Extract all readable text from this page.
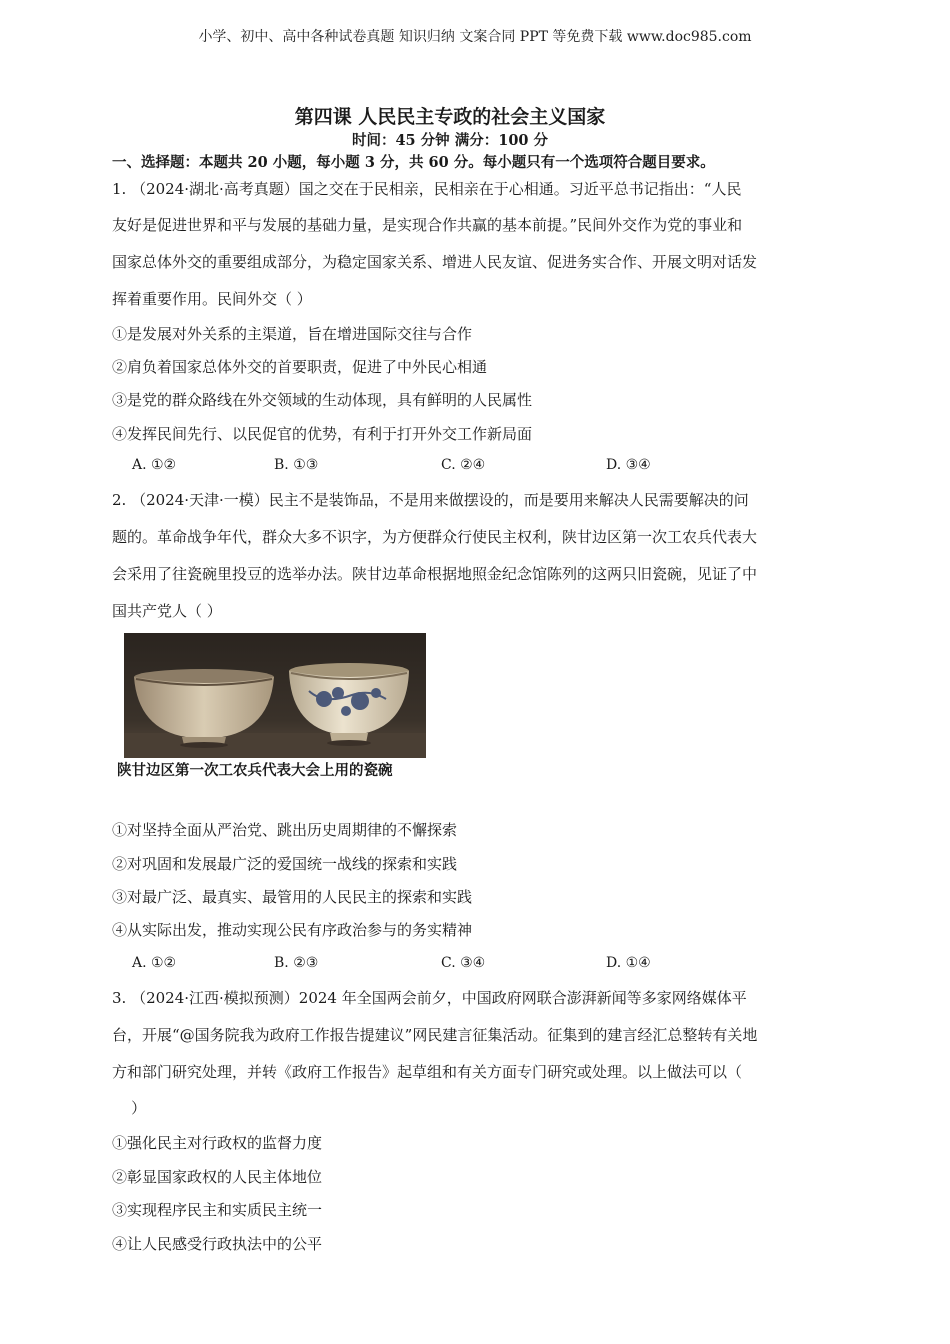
小学、初中、高中各种试卷真题 知识归纳 文案合同 PPT 等免费下载 www.doc985.com
第四课 人民民主专政的社会主义国家
时间：45 分钟 满分：100 分
一、选择题：本题共 20 小题，每小题 3 分，共 60 分。每小题只有一个选项符合题目要求。
1. （2024·湖北·高考真题）国之交在于民相亲，民相亲在于心相通。习近平总书记指出：“人民
友好是促进世界和平与发展的基础力量，是实现合作共赢的基本前提。”民间外交作为党的事业和
国家总体外交的重要组成部分，为稳定国家关系、增进人民友谊、促进务实合作、开展文明对话发
挥着重要作用。民间外交（ ）
①是发展对外关系的主渠道，旨在增进国际交往与合作
②肩负着国家总体外交的首要职责，促进了中外民心相通
③是党的群众路线在外交领域的生动体现，具有鲜明的人民属性
④发挥民间先行、以民促官的优势，有利于打开外交工作新局面
A. ①②	B. ①③	C. ②④	D. ③④
2. （2024·天津·一模）民主不是装饰品，不是用来做摆设的，而是要用来解决人民需要解决的问
题的。革命战争年代，群众大多不识字，为方便群众行使民主权利，陕甘边区第一次工农兵代表大
会采用了往瓷碗里投豆的选举办法。陕甘边革命根据地照金纪念馆陈列的这两只旧瓷碗，见证了中
国共产党人（ ）
陕甘边区第一次工农兵代表大会上用的瓷碗
①对坚持全面从严治党、跳出历史周期律的不懈探索
②对巩固和发展最广泛的爱国统一战线的探索和实践
③对最广泛、最真实、最管用的人民民主的探索和实践
④从实际出发，推动实现公民有序政治参与的务实精神
A. ①②	B. ②③	C. ③④	D. ①④
3. （2024·江西·模拟预测）2024 年全国两会前夕，中国政府网联合澎湃新闻等多家网络媒体平
台，开展“@国务院我为政府工作报告提建议”网民建言征集活动。征集到的建言经汇总整转有关地
方和部门研究处理，并转《政府工作报告》起草组和有关方面专门研究或处理。以上做法可以（
）
①强化民主对行政权的监督力度
②彰显国家政权的人民主体地位
③实现程序民主和实质民主统一
④让人民感受行政执法中的公平
